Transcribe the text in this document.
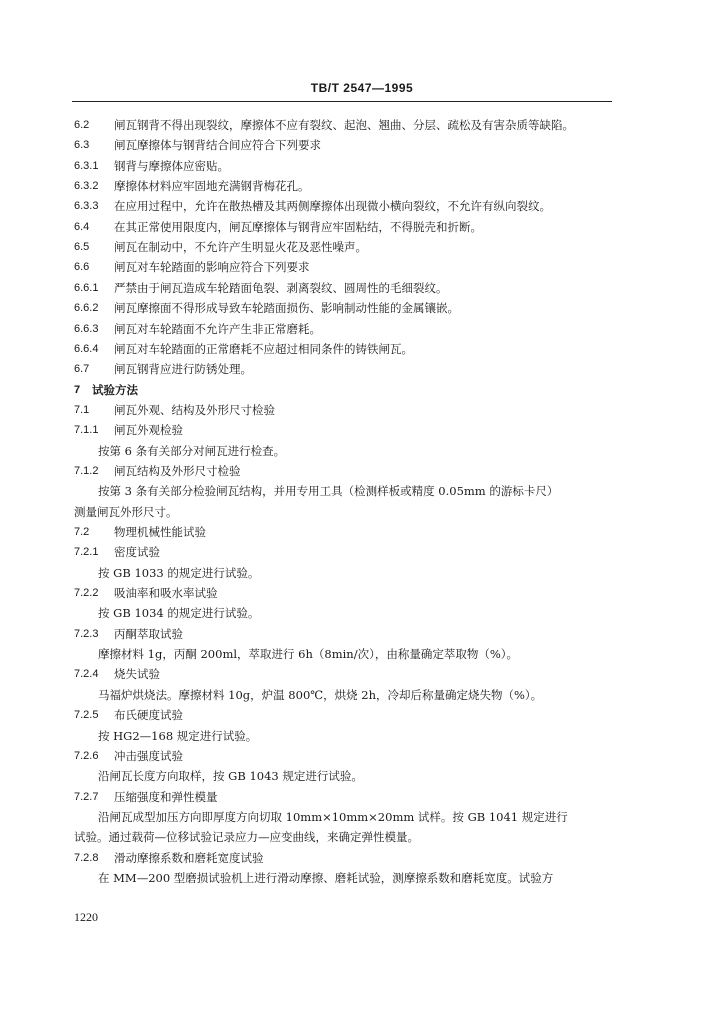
TB/T 2547—1995
6.2 闸瓦钢背不得出现裂纹，摩擦体不应有裂纹、起泡、翘曲、分层、疏松及有害杂质等缺陷。
6.3 闸瓦摩擦体与钢背结合间应符合下列要求
6.3.1 钢背与摩擦体应密贴。
6.3.2 摩擦体材料应牢固地充满钢背梅花孔。
6.3.3 在应用过程中，允许在散热槽及其两侧摩擦体出现微小横向裂纹，不允许有纵向裂纹。
6.4 在其正常使用限度内，闸瓦摩擦体与钢背应牢固粘结，不得脱壳和折断。
6.5 闸瓦在制动中，不允许产生明显火花及恶性噪声。
6.6 闸瓦对车轮踏面的影响应符合下列要求
6.6.1 严禁由于闸瓦造成车轮踏面龟裂、剥离裂纹、圆周性的毛细裂纹。
6.6.2 闸瓦摩擦面不得形成导致车轮踏面损伤、影响制动性能的金属镶嵌。
6.6.3 闸瓦对车轮踏面不允许产生非正常磨耗。
6.6.4 闸瓦对车轮踏面的正常磨耗不应超过相同条件的铸铁闸瓦。
6.7 闸瓦钢背应进行防锈处理。
7 试验方法
7.1 闸瓦外观、结构及外形尺寸检验
7.1.1 闸瓦外观检验
按第 6 条有关部分对闸瓦进行检查。
7.1.2 闸瓦结构及外形尺寸检验
按第 3 条有关部分检验闸瓦结构，并用专用工具（检测样板或精度 0.05mm 的游标卡尺）
测量闸瓦外形尺寸。
7.2 物理机械性能试验
7.2.1 密度试验
按 GB 1033 的规定进行试验。
7.2.2 吸油率和吸水率试验
按 GB 1034 的规定进行试验。
7.2.3 丙酮萃取试验
摩擦材料 1g，丙酮 200ml，萃取进行 6h（8min/次），由称量确定萃取物（%）。
7.2.4 烧失试验
马福炉烘烧法。摩擦材料 10g，炉温 800℃，烘烧 2h，冷却后称量确定烧失物（%）。
7.2.5 布氏硬度试验
按 HG2—168 规定进行试验。
7.2.6 冲击强度试验
沿闸瓦长度方向取样，按 GB 1043 规定进行试验。
7.2.7 压缩强度和弹性模量
沿闸瓦成型加压方向即厚度方向切取 10mm×10mm×20mm 试样。按 GB 1041 规定进行
试验。通过载荷—位移试验记录应力—应变曲线，来确定弹性模量。
7.2.8 滑动摩擦系数和磨耗宽度试验
在 MM—200 型磨损试验机上进行滑动摩擦、磨耗试验，测摩擦系数和磨耗宽度。试验方
1220
